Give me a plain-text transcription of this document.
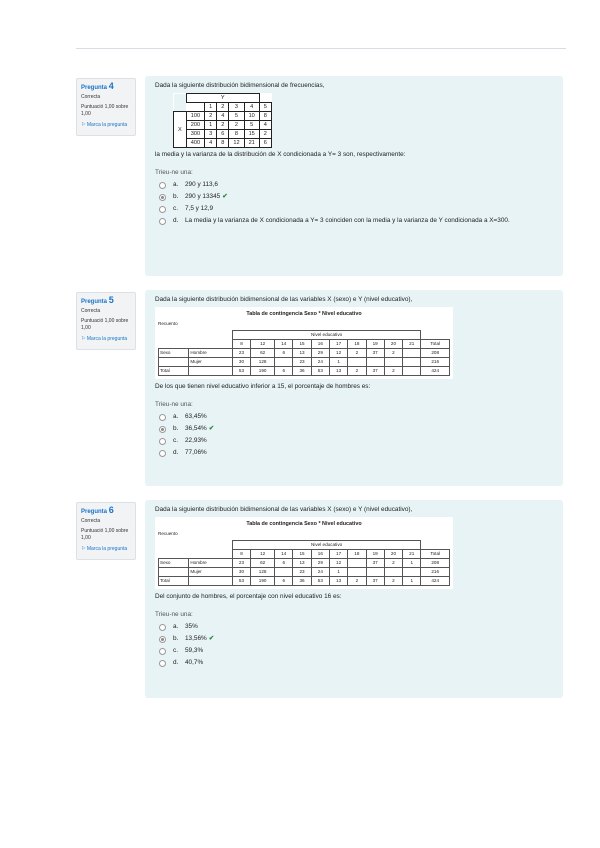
Pregunta 4
Correcta
Puntuació 1,00 sobre 1,00
⚐ Marca la pregunta
Dada la siguiente distribución bidimensional de frecuencias,
	Y					
		1	2	3	4	5
X	100	2	4	5	10	8
	200	1	2	2	5	4
	300	3	6	8	15	2
	400	4	8	12	21	6
la media y la varianza de la distribución de X condicionada a Y= 3 son, respectivamente:
Trieu-ne una:
a.	290 y 113,6
b.	290 y 13345 ✔
c.	7,5 y 12,9
d.	La media y la varianza de X condicionada a Y= 3 coinciden con la media y la varianza de Y condicionada a X=300.
Pregunta 5
Correcta
Puntuació 1,00 sobre 1,00
⚐ Marca la pregunta
Dada la siguiente distribución bidimensional de las variables X (sexo) e Y (nivel educativo),
Tabla de contingencia Sexo * Nivel educativo
Recuento
		Nivel educativo										
		8	12	14	15	16	17	18	19	20	21	Total
Sexo	Hombre	23	62	6	13	29	12	2	37	2		208
	Mujer	30	128		23	24	1					216
Total		53	190	6	36	53	13	2	37	2		424
De los que tienen nivel educativo inferior a 15, el porcentaje de hombres es:
Trieu-ne una:
a.	63,45%
b.	36,54% ✔
c.	22,93%
d.	77,06%
Pregunta 6
Correcta
Puntuació 1,00 sobre 1,00
⚐ Marca la pregunta
Dada la siguiente distribución bidimensional de las variables X (sexo) e Y (nivel educativo),
Tabla de contingencia Sexo * Nivel educativo
Recuento
		Nivel educativo										
		8	12	14	15	16	17	18	19	20	21	Total
Sexo	Hombre	23	62	6	13	29	12		37	2	1	208
	Mujer	30	128		23	24	1					216
Total		53	190	6	36	53	13	2	37	2	1	424
Del conjunto de hombres, el porcentaje con nivel educativo 16 es:
Trieu-ne una:
a.	35%
b.	13,56% ✔
c.	59,3%
d.	40,7%
